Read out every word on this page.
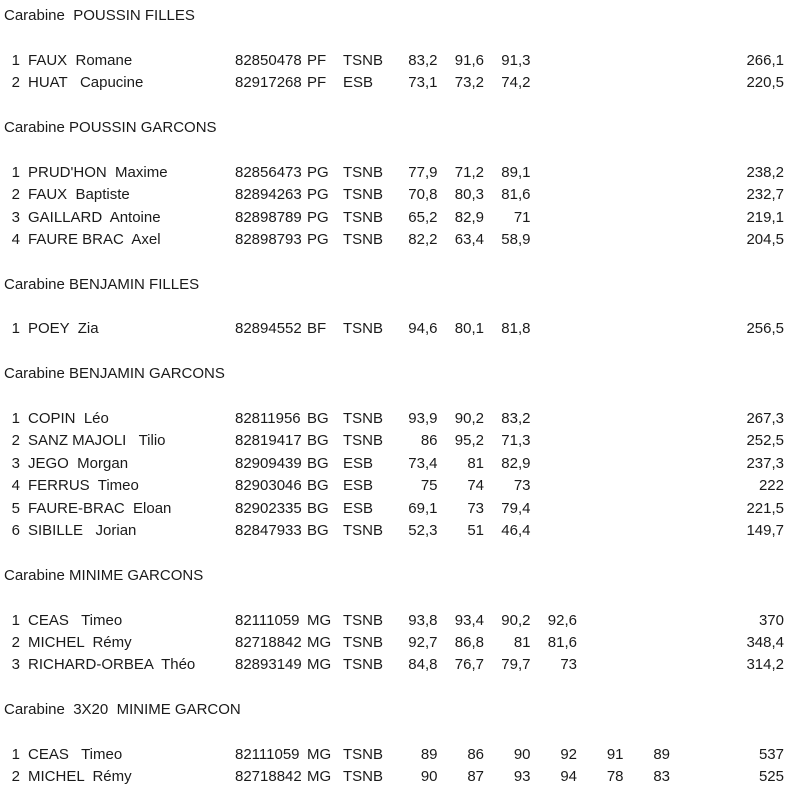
Carabine  POUSSIN FILLES
1 FAUX  Romane	82850478 PF	TSNB	83,2	91,6	91,3	266,1
2 HUAT   Capucine	82917268 PF	ESB	73,1	73,2	74,2	220,5
Carabine POUSSIN GARCONS
1 PRUD'HON  Maxime	82856473 PG TSNB	77,9	71,2	89,1	238,2
2 FAUX  Baptiste	82894263 PG TSNB	70,8	80,3	81,6	232,7
3 GAILLARD  Antoine	82898789 PG TSNB	65,2	82,9	71	219,1
4 FAURE BRAC  Axel	82898793 PG TSNB	82,2	63,4	58,9	204,5
Carabine BENJAMIN FILLES
1 POEY  Zia	82894552 BF	TSNB	94,6	80,1	81,8	256,5
Carabine BENJAMIN GARCONS
1 COPIN  Léo	82811956 BG TSNB	93,9	90,2	83,2	267,3
2 SANZ MAJOLI   Tilio	82819417 BG TSNB	86	95,2	71,3	252,5
3 JEGO  Morgan	82909439 BG ESB	73,4	81	82,9	237,3
4 FERRUS  Timeo	82903046 BG ESB	75	74	73	222
5 FAURE-BRAC  Eloan	82902335 BG ESB	69,1	73	79,4	221,5
6 SIBILLE   Jorian	82847933 BG TSNB	52,3	51	46,4	149,7
Carabine MINIME GARCONS
1 CEAS   Timeo	82111059 MG TSNB	93,8	93,4	90,2	92,6	370
2 MICHEL  Rémy	82718842 MG TSNB	92,7	86,8	81	81,6	348,4
3 RICHARD-ORBEA  Théo	82893149 MG TSNB	84,8	76,7	79,7	73	314,2
Carabine  3X20  MINIME GARCON
1 CEAS   Timeo	82111059 MG TSNB	89	86	90	92	91	89	537
2 MICHEL  Rémy	82718842 MG TSNB	90	87	93	94	78	83	525
